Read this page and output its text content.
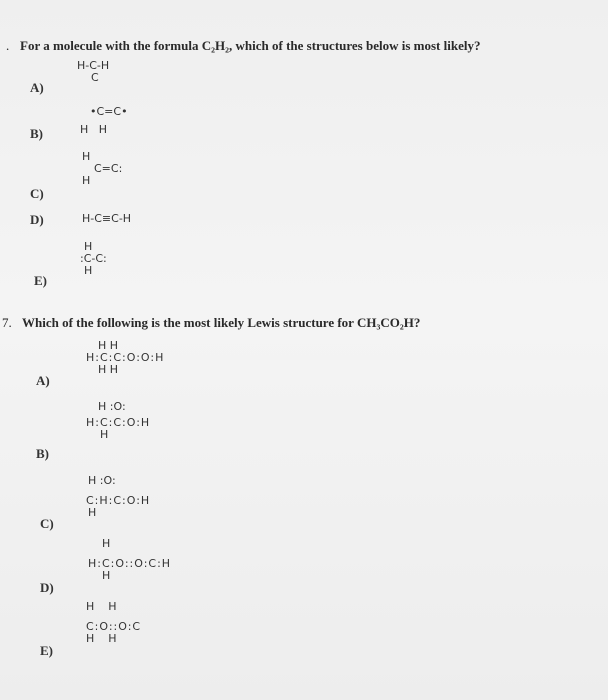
. For a molecule with the formula C₂H₂, which of the structures below is most likely?
A)
H-C-H
C
B)
•C=C•
H   H
C)
H
C=C:
H
D)	H-C≡C-H
E)
H
:C-C:
H
7. Which of the following is the most likely Lewis structure for CH₃CO₂H?
A)
H H
H:C:C:O:O:H
H H
B)
H :O:
H:C:C:O:H
H
C)
H :O:
C:H:C:O:H
H
D)
H
H:C:O::O:C:H
H
E)
H    H
C:O::O:C
H    H
